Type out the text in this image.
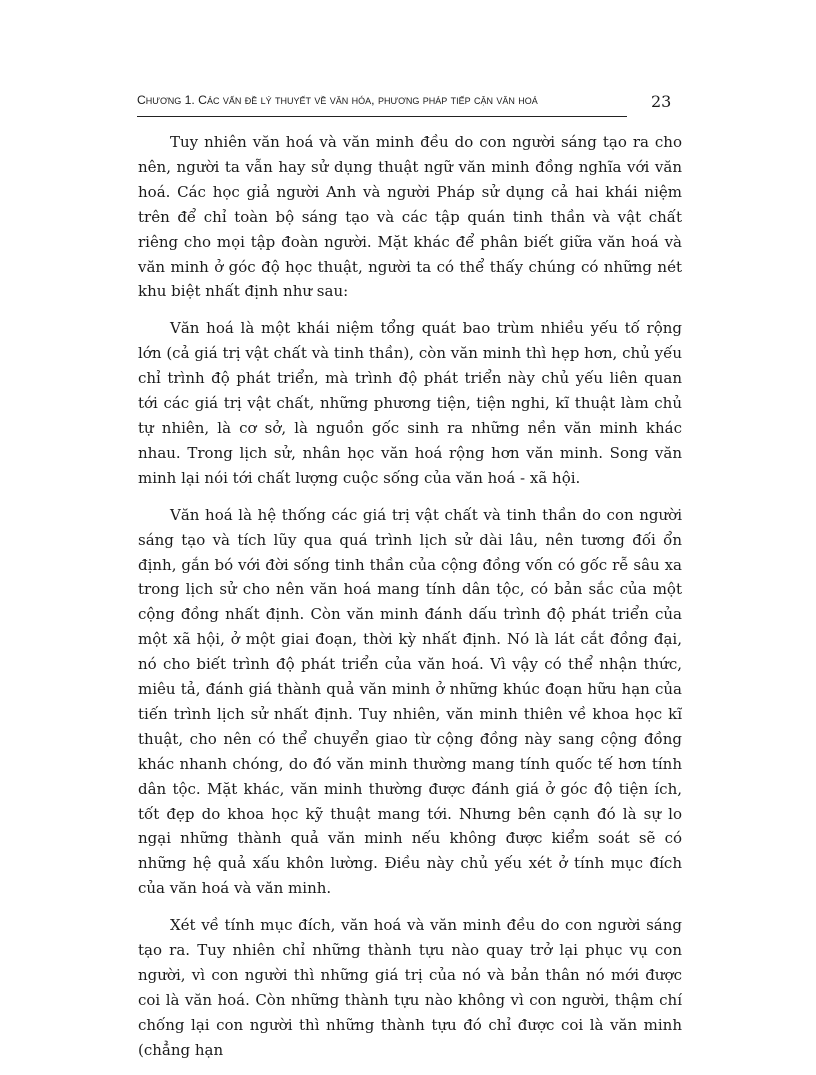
Chương 1. Các vấn đề lý thuyết về văn hóa, phương pháp tiếp cận văn hoá	23

Tuy nhiên văn hoá và văn minh đều do con người sáng tạo ra cho nên, người ta vẫn hay sử dụng thuật ngữ văn minh đồng nghĩa với văn hoá. Các học giả người Anh và người Pháp sử dụng cả hai khái niệm trên để chỉ toàn bộ sáng tạo và các tập quán tinh thần và vật chất riêng cho mọi tập đoàn người. Mặt khác để phân biết giữa văn hoá và văn minh ở góc độ học thuật, người ta có thể thấy chúng có những nét khu biệt nhất định như sau:

Văn hoá là một khái niệm tổng quát bao trùm nhiều yếu tố rộng lớn (cả giá trị vật chất và tinh thần), còn văn minh thì hẹp hơn, chủ yếu chỉ trình độ phát triển, mà trình độ phát triển này chủ yếu liên quan tới các giá trị vật chất, những phương tiện, tiện nghi, kĩ thuật làm chủ tự nhiên, là cơ sở, là nguồn gốc sinh ra những nền văn minh khác nhau. Trong lịch sử, nhân học văn hoá rộng hơn văn minh. Song văn minh lại nói tới chất lượng cuộc sống của văn hoá - xã hội.

Văn hoá là hệ thống các giá trị vật chất và tinh thần do con người sáng tạo và tích lũy qua quá trình lịch sử dài lâu, nên tương đối ổn định, gắn bó với đời sống tinh thần của cộng đồng vốn có gốc rễ sâu xa trong lịch sử cho nên văn hoá mang tính dân tộc, có bản sắc của một cộng đồng nhất định. Còn văn minh đánh dấu trình độ phát triển của một xã hội, ở một giai đoạn, thời kỳ nhất định. Nó là lát cắt đồng đại, nó cho biết trình độ phát triển của văn hoá. Vì vậy có thể nhận thức, miêu tả, đánh giá thành quả văn minh ở những khúc đoạn hữu hạn của tiến trình lịch sử nhất định. Tuy nhiên, văn minh thiên về khoa học kĩ thuật, cho nên có thể chuyển giao từ cộng đồng này sang cộng đồng khác nhanh chóng, do đó văn minh thường mang tính quốc tế hơn tính dân tộc. Mặt khác, văn minh thường được đánh giá ở góc độ tiện ích, tốt đẹp do khoa học kỹ thuật mang tới. Nhưng bên cạnh đó là sự lo ngại những thành quả văn minh nếu không được kiểm soát sẽ có những hệ quả xấu khôn lường. Điều này chủ yếu xét ở tính mục đích của văn hoá và văn minh.

Xét về tính mục đích, văn hoá và văn minh đều do con người sáng tạo ra. Tuy nhiên chỉ những thành tựu nào quay trở lại phục vụ con người, vì con người thì những giá trị của nó và bản thân nó mới được coi là văn hoá. Còn những thành tựu nào không vì con người, thậm chí chống lại con người thì những thành tựu đó chỉ được coi là văn minh (chẳng hạn
